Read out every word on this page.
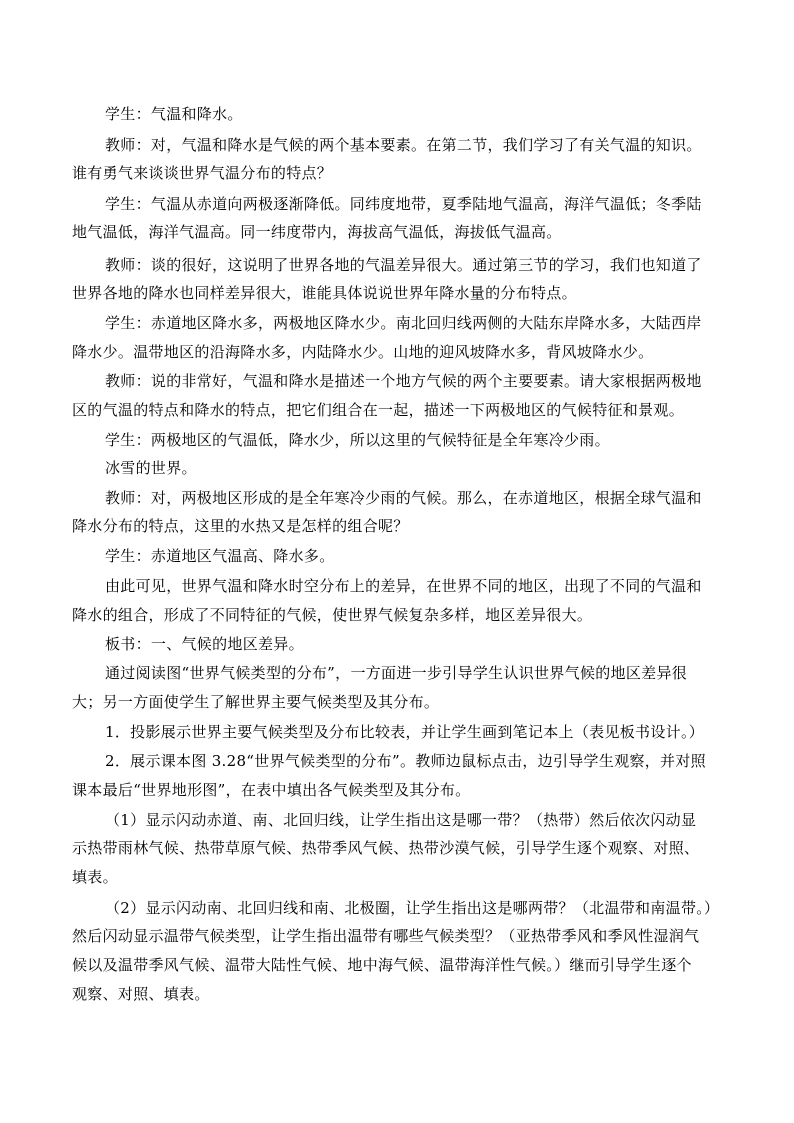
学生：气温和降水。
教师：对，气温和降水是气候的两个基本要素。在第二节，我们学习了有关气温的知识。
谁有勇气来谈谈世界气温分布的特点？
学生：气温从赤道向两极逐渐降低。同纬度地带，夏季陆地气温高，海洋气温低；冬季陆
地气温低，海洋气温高。同一纬度带内，海拔高气温低，海拔低气温高。
教师：谈的很好，这说明了世界各地的气温差异很大。通过第三节的学习，我们也知道了
世界各地的降水也同样差异很大，谁能具体说说世界年降水量的分布特点。
学生：赤道地区降水多，两极地区降水少。南北回归线两侧的大陆东岸降水多，大陆西岸
降水少。温带地区的沿海降水多，内陆降水少。山地的迎风坡降水多，背风坡降水少。
教师：说的非常好，气温和降水是描述一个地方气候的两个主要要素。请大家根据两极地
区的气温的特点和降水的特点，把它们组合在一起，描述一下两极地区的气候特征和景观。
学生：两极地区的气温低，降水少，所以这里的气候特征是全年寒冷少雨。
冰雪的世界。
教师：对，两极地区形成的是全年寒冷少雨的气候。那么，在赤道地区，根据全球气温和
降水分布的特点，这里的水热又是怎样的组合呢？
学生：赤道地区气温高、降水多。
由此可见，世界气温和降水时空分布上的差异，在世界不同的地区，出现了不同的气温和
降水的组合，形成了不同特征的气候，使世界气候复杂多样，地区差异很大。
板书：一、气候的地区差异。
通过阅读图“世界气候类型的分布”，一方面进一步引导学生认识世界气候的地区差异很
大；另一方面使学生了解世界主要气候类型及其分布。
1．投影展示世界主要气候类型及分布比较表，并让学生画到笔记本上（表见板书设计。）
2．展示课本图 3.28“世界气候类型的分布”。教师边鼠标点击，边引导学生观察，并对照
课本最后“世界地形图”，在表中填出各气候类型及其分布。
（1）显示闪动赤道、南、北回归线，让学生指出这是哪一带？（热带）然后依次闪动显
示热带雨林气候、热带草原气候、热带季风气候、热带沙漠气候，引导学生逐个观察、对照、
填表。
（2）显示闪动南、北回归线和南、北极圈，让学生指出这是哪两带？（北温带和南温带。）
然后闪动显示温带气候类型，让学生指出温带有哪些气候类型？（亚热带季风和季风性湿润气
候以及温带季风气候、温带大陆性气候、地中海气候、温带海洋性气候。）继而引导学生逐个
观察、对照、填表。
